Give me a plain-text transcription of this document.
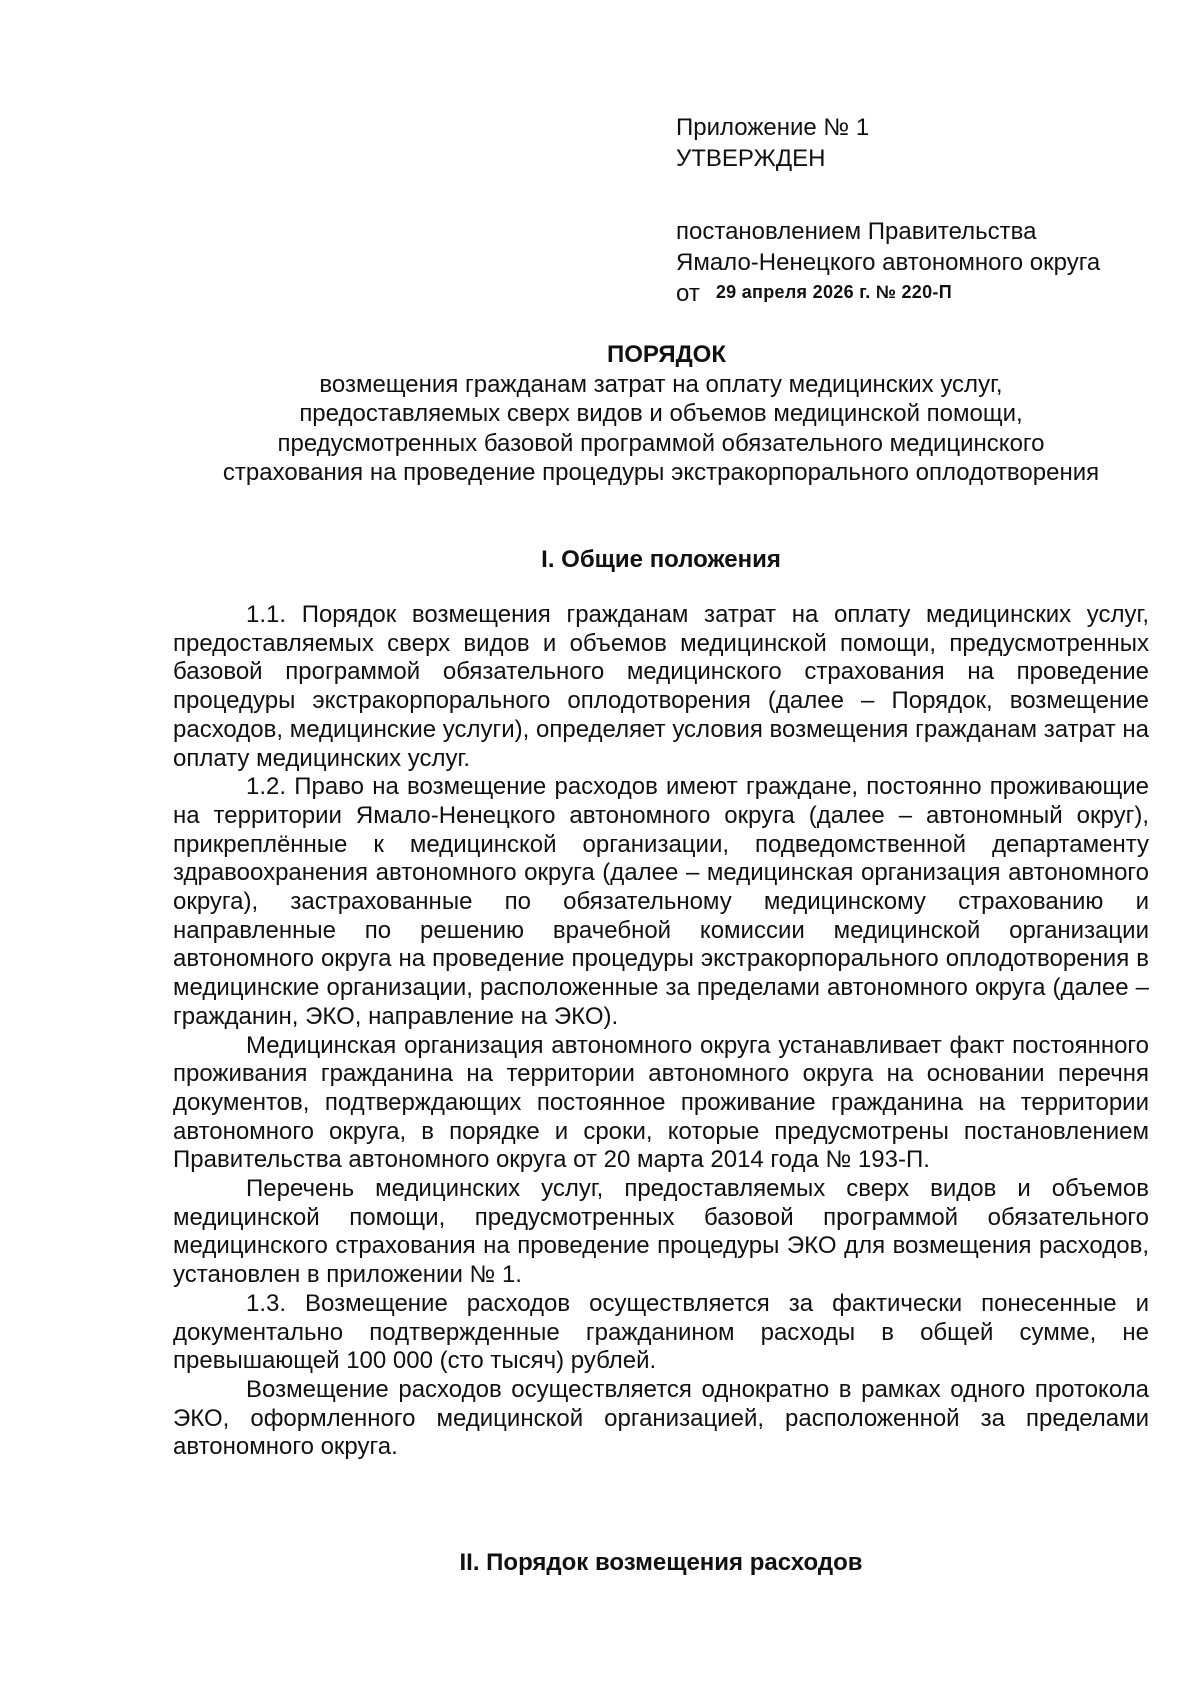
Приложение № 1
УТВЕРЖДЕН
постановлением Правительства
Ямало-Ненецкого автономного округа
от 29 апреля 2026 г. № 220-П
ПОРЯДОК
возмещения гражданам затрат на оплату медицинских услуг,
предоставляемых сверх видов и объемов медицинской помощи,
предусмотренных базовой программой обязательного медицинского
страхования на проведение процедуры экстракорпорального оплодотворения
I. Общие положения

1.1. Порядок возмещения гражданам затрат на оплату медицинских услуг, предоставляемых сверх видов и объемов медицинской помощи, предусмотренных базовой программой обязательного медицинского страхования на проведение процедуры экстракорпорального оплодотворения (далее – Порядок, возмещение расходов, медицинские услуги), определяет условия возмещения гражданам затрат на оплату медицинских услуг.

1.2. Право на возмещение расходов имеют граждане, постоянно проживающие на территории Ямало-Ненецкого автономного округа (далее – автономный округ), прикреплённые к медицинской организации, подведомственной департаменту здравоохранения автономного округа (далее – медицинская организация автономного округа), застрахованные по обязательному медицинскому страхованию и направленные по решению врачебной комиссии медицинской организации автономного округа на проведение процедуры экстракорпорального оплодотворения в медицинские организации, расположенные за пределами автономного округа (далее – гражданин, ЭКО, направление на ЭКО).

Медицинская организация автономного округа устанавливает факт постоянного проживания гражданина на территории автономного округа на основании перечня документов, подтверждающих постоянное проживание гражданина на территории автономного округа, в порядке и сроки, которые предусмотрены постановлением Правительства автономного округа от 20 марта 2014 года № 193-П.

Перечень медицинских услуг, предоставляемых сверх видов и объемов медицинской помощи, предусмотренных базовой программой обязательного медицинского страхования на проведение процедуры ЭКО для возмещения расходов, установлен в приложении № 1.

1.3. Возмещение расходов осуществляется за фактически понесенные и документально подтвержденные гражданином расходы в общей сумме, не превышающей 100 000 (сто тысяч) рублей.

Возмещение расходов осуществляется однократно в рамках одного протокола ЭКО, оформленного медицинской организацией, расположенной за пределами автономного округа.

II. Порядок возмещения расходов
